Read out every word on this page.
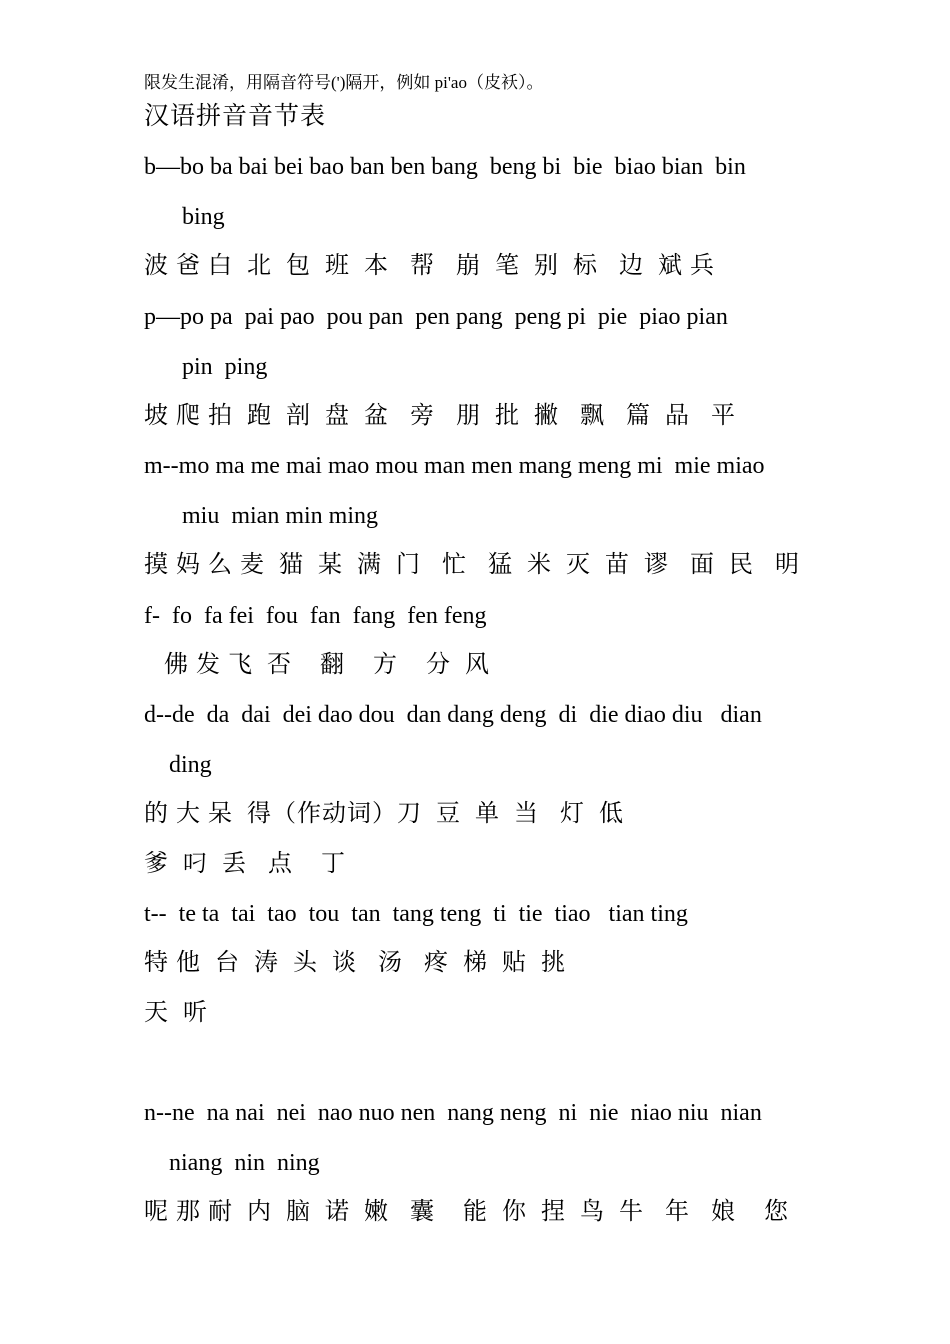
限发生混淆，用隔音符号(')隔开，例如 pi'ao（皮袄）。
汉语拼音音节表
b—bo ba bai bei bao ban ben bang  beng bi  bie  biao bian  bin
bing
波 爸 白  北  包  班  本   帮   崩  笔  别  标   边  斌 兵
p—po pa  pai pao  pou pan  pen pang  peng pi  pie  piao pian
pin  ping
坡 爬 拍  跑  剖  盘  盆   旁   朋  批  撇   飘   篇  品   平
m--mo ma me mai mao mou man men mang meng mi  mie miao
miu  mian min ming
摸 妈 么 麦  猫  某  满  门   忙   猛  米  灭  苗  谬   面  民   明
f-  fo  fa fei  fou  fan  fang  fen feng
佛 发 飞  否    翻    方    分  风
d--de  da  dai  dei dao dou  dan dang deng  di  die diao diu   dian
ding
的 大 呆  得（作动词）刀  豆  单  当   灯  低
爹  叼  丢   点    丁
t--  te ta  tai  tao  tou  tan  tang teng  ti  tie  tiao   tian ting
特 他  台  涛  头  谈   汤   疼  梯  贴  挑
天  听
n--ne  na nai  nei  nao nuo nen  nang neng  ni  nie  niao niu  nian
niang  nin  ning
呢 那 耐  内  脑  诺  嫩   囊    能  你  捏  鸟  牛   年   娘    您
